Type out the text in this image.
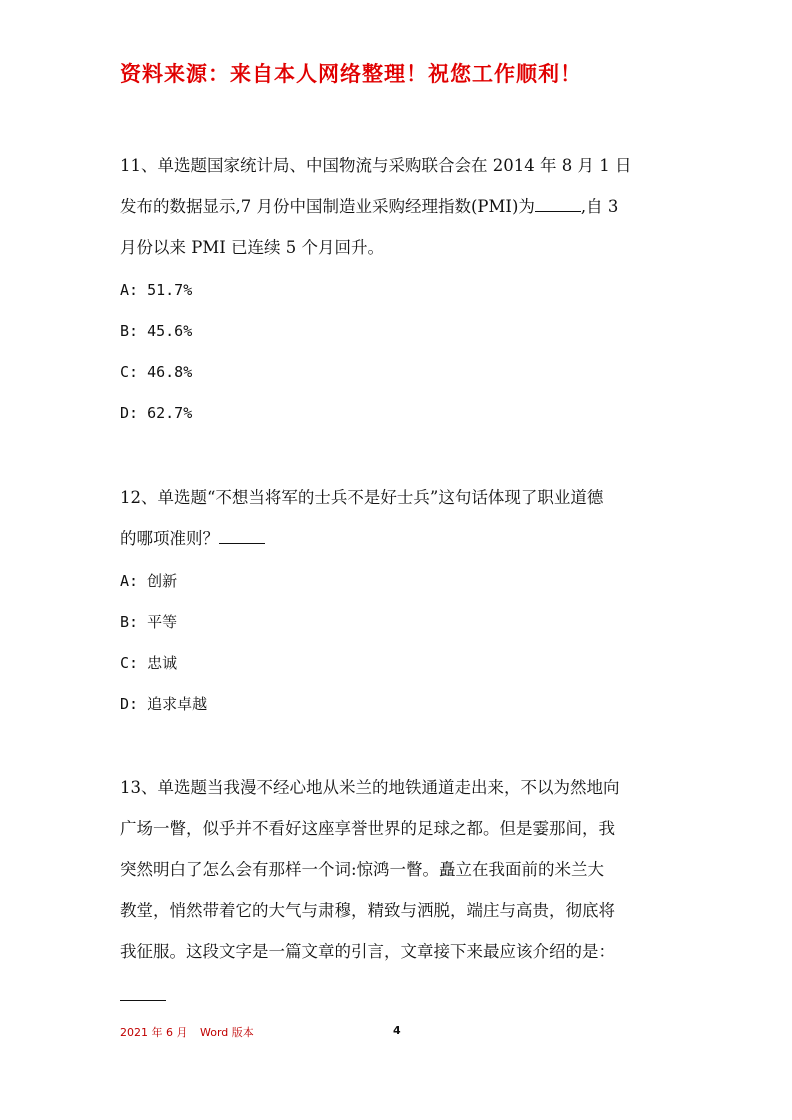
资料来源：来自本人网络整理！祝您工作顺利！
11、单选题国家统计局、中国物流与采购联合会在 2014 年 8 月 1 日
发布的数据显示,7 月份中国制造业采购经理指数(PMI)为	,自 3
月份以来 PMI 已连续 5 个月回升。
A: 51.7%
B: 45.6%
C: 46.8%
D: 62.7%
12、单选题“不想当将军的士兵不是好士兵”这句话体现了职业道德
的哪项准则？
A: 创新
B: 平等
C: 忠诚
D: 追求卓越
13、单选题当我漫不经心地从米兰的地铁通道走出来，不以为然地向
广场一瞥，似乎并不看好这座享誉世界的足球之都。但是霎那间，我
突然明白了怎么会有那样一个词:惊鸿一瞥。矗立在我面前的米兰大
教堂，悄然带着它的大气与肃穆，精致与洒脱，端庄与高贵，彻底将
我征服。这段文字是一篇文章的引言，文章接下来最应该介绍的是：
2021 年 6 月 Word 版本	4
